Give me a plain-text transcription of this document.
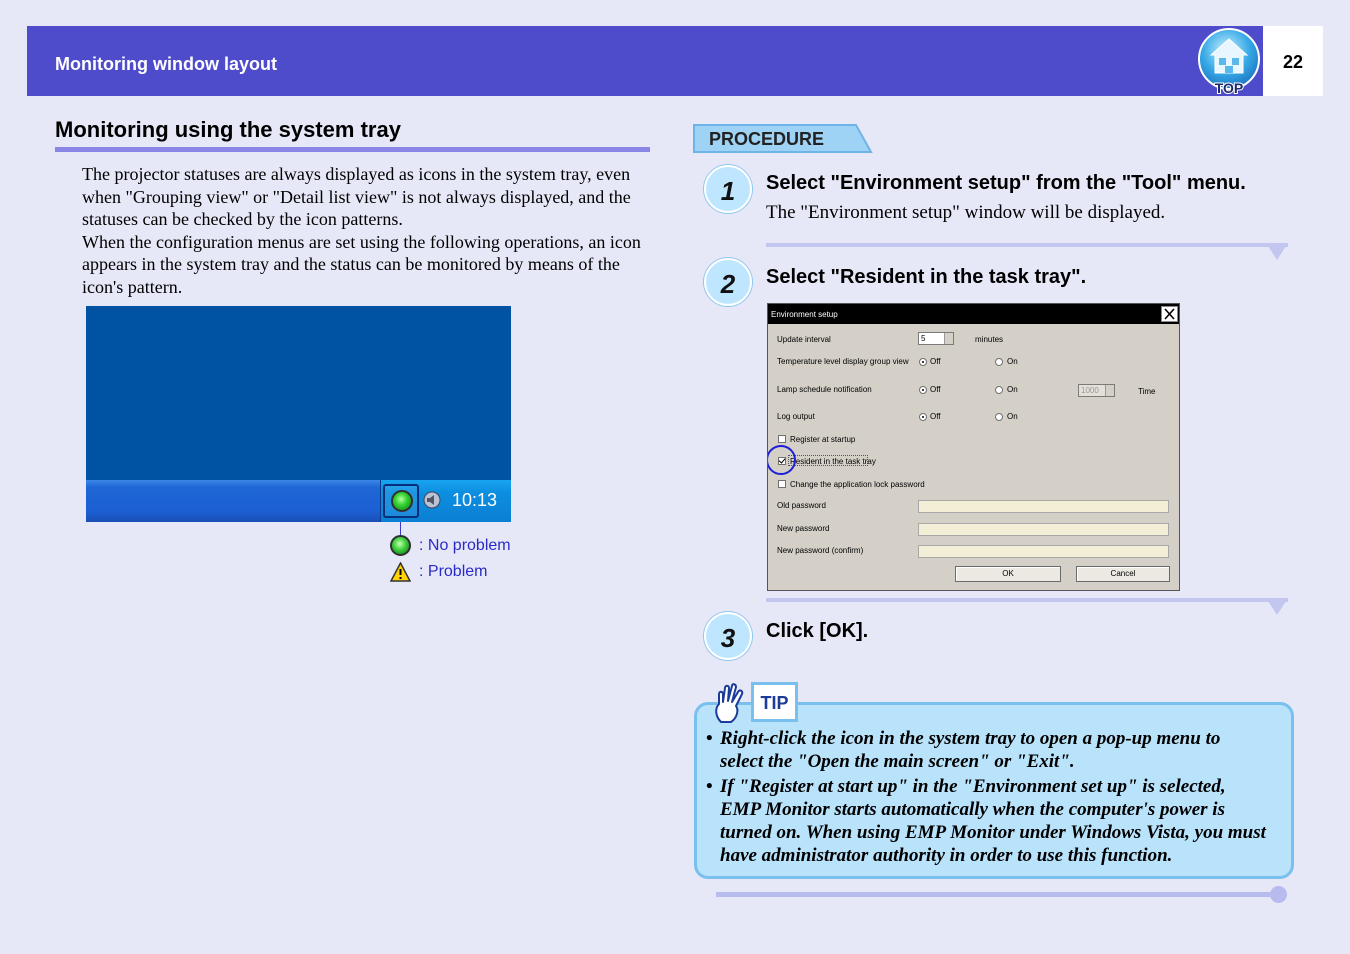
Monitoring window layout	22
TOP
Monitoring using the system tray

The projector statuses are always displayed as icons in the system tray, even when "Grouping view" or "Detail list view" is not always displayed, and the statuses can be checked by the icon patterns.

When the configuration menus are set using the following operations, an icon appears in the system tray and the status can be monitored by means of the icon's pattern.

10:13
: No problem
: Problem
PROCEDURE
1	Select "Environment setup" from the "Tool" menu.
The "Environment setup" window will be displayed.
2	Select "Resident in the task tray".
Environment setup
Update interval	5	minutes
Temperature level display group view	Off	On
Lamp schedule notification	Off	On	1000	Time
Log output	Off	On
Register at startup
Resident in the task tray
Change the application lock password
Old password
New password
New password (confirm)
OK	Cancel
3	Click [OK].
TIP
• Right-click the icon in the system tray to open a pop-up menu to select the "Open the main screen" or "Exit".
• If "Register at start up" in the "Environment set up" is selected, EMP Monitor starts automatically when the computer's power is turned on. When using EMP Monitor under Windows Vista, you must have administrator authority in order to use this function.
